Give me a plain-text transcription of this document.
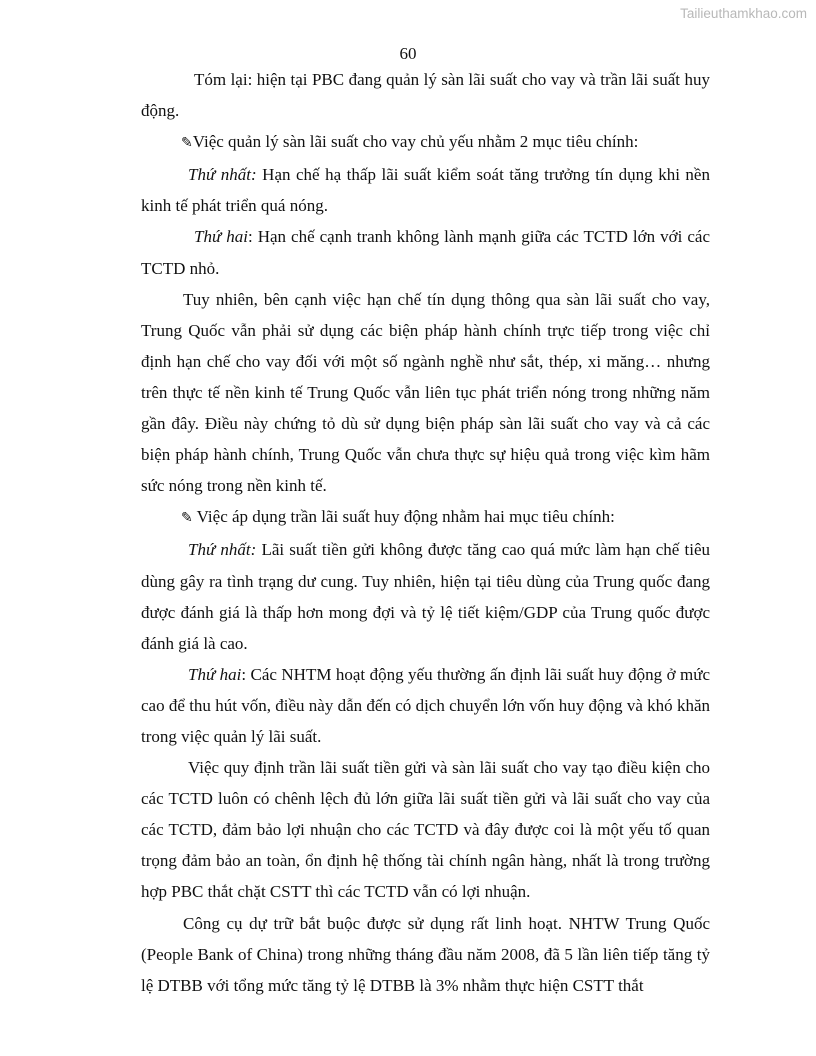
Tailieuthamkhao.com
60

Tóm lại: hiện tại PBC đang quản lý sàn lãi suất cho vay và trần lãi suất huy động.

✎Việc quản lý sàn lãi suất cho vay chủ yếu nhằm 2 mục tiêu chính:

Thứ nhất: Hạn chế hạ thấp lãi suất kiểm soát tăng trưởng tín dụng khi nền kinh tế phát triển quá nóng.

Thứ hai: Hạn chế cạnh tranh không lành mạnh giữa các TCTD lớn với các TCTD nhỏ.

Tuy nhiên, bên cạnh việc hạn chế tín dụng thông qua sàn lãi suất cho vay, Trung Quốc vẫn phải sử dụng các biện pháp hành chính trực tiếp trong việc chỉ định hạn chế cho vay đối với một số ngành nghề như sắt, thép, xi măng… nhưng trên thực tế nền kinh tế Trung Quốc vẫn liên tục phát triển nóng trong những năm gần đây. Điều này chứng tỏ dù sử dụng biện pháp sàn lãi suất cho vay và cả các biện pháp hành chính, Trung Quốc vẫn chưa thực sự hiệu quả trong việc kìm hãm sức nóng trong nền kinh tế.

✎ Việc áp dụng trần lãi suất huy động nhằm hai mục tiêu chính:

Thứ nhất: Lãi suất tiền gửi không được tăng cao quá mức làm hạn chế tiêu dùng gây ra tình trạng dư cung. Tuy nhiên, hiện tại tiêu dùng của Trung quốc đang được đánh giá là thấp hơn mong đợi và tỷ lệ tiết kiệm/GDP của Trung quốc được đánh giá là cao.

Thứ hai: Các NHTM hoạt động yếu thường ấn định lãi suất huy động ở mức cao để thu hút vốn, điều này dẫn đến có dịch chuyển lớn vốn huy động và khó khăn trong việc quản lý lãi suất.

Việc quy định trần lãi suất tiền gửi và sàn lãi suất cho vay tạo điều kiện cho các TCTD luôn có chênh lệch đủ lớn giữa lãi suất tiền gửi và lãi suất cho vay của các TCTD, đảm bảo lợi nhuận cho các TCTD và đây được coi là một yếu tố quan trọng đảm bảo an toàn, ổn định hệ thống tài chính ngân hàng, nhất là trong trường hợp PBC thắt chặt CSTT thì các TCTD vẫn có lợi nhuận.

Công cụ dự trữ bắt buộc được sử dụng rất linh hoạt. NHTW Trung Quốc (People Bank of China) trong những tháng đầu năm 2008, đã 5 lần liên tiếp tăng tỷ lệ DTBB với tổng mức tăng tỷ lệ DTBB là 3% nhằm thực hiện CSTT thắt
